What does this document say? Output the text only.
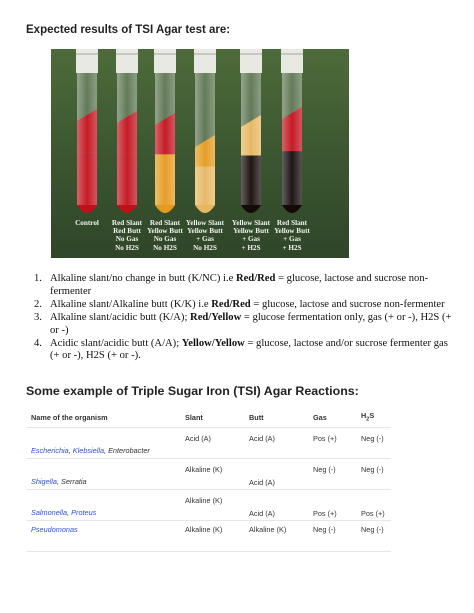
Expected results of TSI Agar test are:
Control	Red Slant
Red Butt
No Gas
No H2S
Red Slant
Yellow Butt
No Gas
No H2S
Yellow Slant
Yellow Butt
+ Gas
No H2S
Yellow Slant
Yellow Butt
+ Gas
+ H2S
Red Slant
Yellow Butt
+ Gas
+ H2S
1. Alkaline slant/no change in butt (K/NC) i.e Red/Red = glucose, lactose and sucrose non-fermenter
2. Alkaline slant/Alkaline butt (K/K) i.e Red/Red = glucose, lactose and sucrose non-fermenter
3. Alkaline slant/acidic butt (K/A); Red/Yellow = glucose fermentation only, gas (+ or -), H2S (+ or -)
4. Acidic slant/acidic butt (A/A); Yellow/Yellow = glucose, lactose and/or sucrose fermenter gas (+ or -), H2S (+ or -).
Some example of Triple Sugar Iron (TSI) Agar Reactions:
Name of the organism	Slant	Butt	Gas	$H_2S$

Escherichia, Klebsiella, Enterobacter	Acid (A)	Acid (A)	Pos (+)	Neg (-)

Shigella, Serratia	Alkaline (K)	Acid (A)	Neg (-)	Neg (-)

Salmonella, Proteus	Alkaline (K)	Acid (A)	Pos (+)	Pos (+)

Pseudomonas	Alkaline (K)	Alkaline (K)	Neg (-)	Neg (-)
